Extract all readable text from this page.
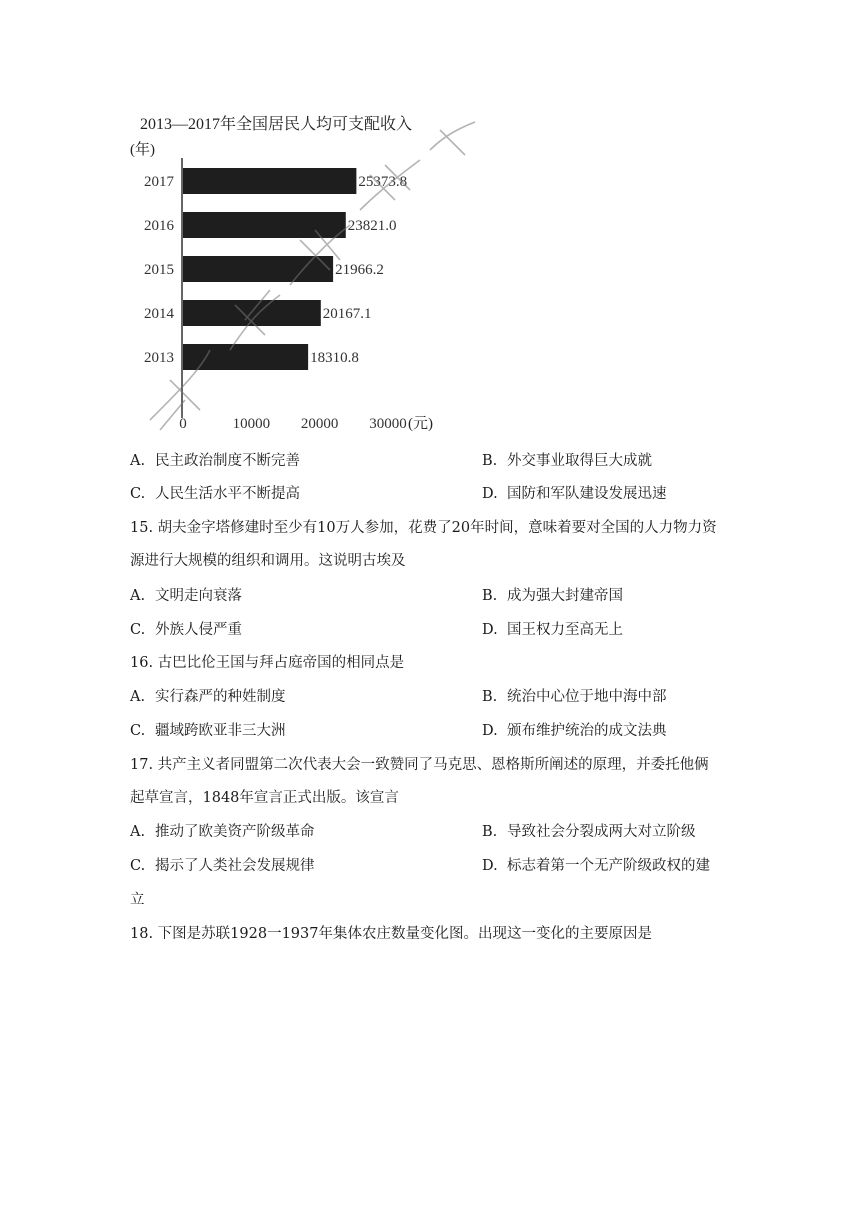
2013—2017年全国居民人均可支配收入
(年)
2017	25373.8
2016	23821.0
2015	21966.2
2014	20167.1
2013	18310.8
0	10000 20000 30000 (元)
A. 民主政治制度不断完善	B. 外交事业取得巨大成就
C. 人民生活水平不断提高	D. 国防和军队建设发展迅速
15. 胡夫金字塔修建时至少有10万人参加，花费了20年时间，意味着要对全国的人力物力资
源进行大规模的组织和调用。这说明古埃及
A. 文明走向衰落	B. 成为强大封建帝国
C. 外族人侵严重	D. 国王权力至高无上
16. 古巴比伦王国与拜占庭帝国的相同点是
A. 实行森严的种姓制度	B. 统治中心位于地中海中部
C. 疆域跨欧亚非三大洲	D. 颁布维护统治的成文法典
17. 共产主义者同盟第二次代表大会一致赞同了马克思、恩格斯所阐述的原理，并委托他俩
起草宣言，1848年宣言正式出版。该宣言
A. 推动了欧美资产阶级革命	B. 导致社会分裂成两大对立阶级
C. 揭示了人类社会发展规律	D. 标志着第一个无产阶级政权的建
立
18. 下图是苏联1928一1937年集体农庄数量变化图。出现这一变化的主要原因是
